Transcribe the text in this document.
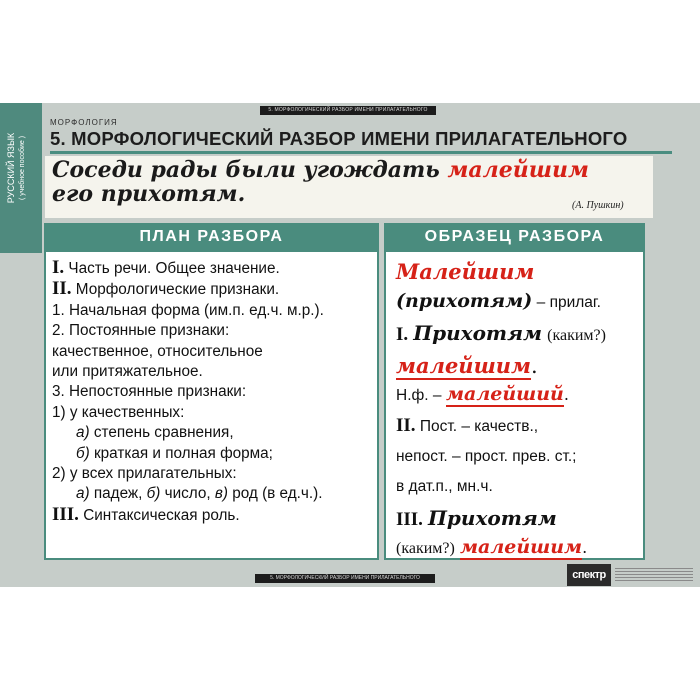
РУССКИЙ ЯЗЫК ( учебное пособие )
5. МОРФОЛОГИЧЕСКИЙ РАЗБОР ИМЕНИ ПРИЛАГАТЕЛЬНОГО
МОРФОЛОГИЯ
5. МОРФОЛОГИЧЕСКИЙ РАЗБОР ИМЕНИ ПРИЛАГАТЕЛЬНОГО
Соседи рады были угождать малейшим
его прихотям.	(А. Пушкин)
ПЛАН РАЗБОРА	ОБРАЗЕЦ РАЗБОРА
I. Часть речи. Общее значение.
II. Морфологические признаки.
1. Начальная форма (им.п. ед.ч. м.р.).
2. Постоянные признаки:
качественное, относительное
или притяжательное.
3. Непостоянные признаки:
1) у качественных:
а) степень сравнения,
б) краткая и полная форма;
2) у всех прилагательных:
а) падеж, б) число, в) род (в ед.ч.).
III. Синтаксическая роль.
Малейшим
(прихотям) – прилаг.
I. Прихотям (каким?)
малейшим.
Н.ф. – малейший.
II. Пост. – качеств.,
непост. – прост. прев. ст.;
в дат.п., мн.ч.
III. Прихотям
(каким?) малейшим.
5. МОРФОЛОГИЧЕСКИЙ РАЗБОР ИМЕНИ ПРИЛАГАТЕЛЬНОГО	спектр
